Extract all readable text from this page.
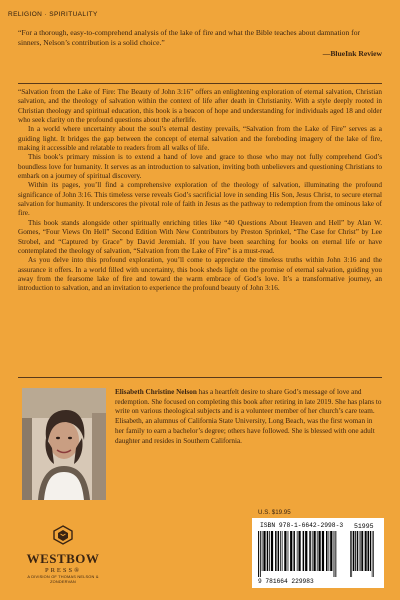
RELIGION · SPIRITUALITY
“For a thorough, easy-to-comprehend analysis of the lake of fire and what the Bible teaches about damnation for sinners, Nelson’s contribution is a solid choice.”
—BlueInk Review

“Salvation from the Lake of Fire: The Beauty of John 3:16” offers an enlightening exploration of eternal salvation, Christian salvation, and the theology of salvation within the context of life after death in Christianity. With a style deeply rooted in Christian theology and spiritual education, this book is a beacon of hope and understanding for individuals aged 18 and older who seek clarity on the profound questions about the afterlife.

In a world where uncertainty about the soul’s eternal destiny prevails, “Salvation from the Lake of Fire” serves as a guiding light. It bridges the gap between the concept of eternal salvation and the foreboding imagery of the lake of fire, making it accessible and relatable to readers from all walks of life.

This book’s primary mission is to extend a hand of love and grace to those who may not fully comprehend God’s boundless love for humanity. It serves as an introduction to salvation, inviting both unbelievers and questioning Christians to embark on a journey of spiritual discovery.

Within its pages, you’ll find a comprehensive exploration of the theology of salvation, illuminating the profound significance of John 3:16. This timeless verse reveals God’s sacrificial love in sending His Son, Jesus Christ, to secure eternal salvation for humanity. It underscores the pivotal role of faith in Jesus as the pathway to redemption from the ominous lake of fire.

This book stands alongside other spiritually enriching titles like “40 Questions About Heaven and Hell” by Alan W. Gomes, “Four Views On Hell” Second Edition With New Contributors by Preston Sprinkel, “The Case for Christ” by Lee Strobel, and “Captured by Grace” by David Jeremiah. If you have been searching for books on eternal life or have contemplated the theology of salvation, “Salvation from the Lake of Fire” is a must-read.

As you delve into this profound exploration, you’ll come to appreciate the timeless truths within John 3:16 and the assurance it offers. In a world filled with uncertainty, this book sheds light on the promise of eternal salvation, guiding you away from the fearsome lake of fire and toward the warm embrace of God’s love. It’s a transformative journey, an introduction to salvation, and an invitation to experience the profound beauty of John 3:16.

Elisabeth Christine Nelson has a heartfelt desire to share God’s message of love and redemption. She focused on completing this book after retiring in late 2019. She has plans to write on various theological subjects and is a volunteer member of her church’s care team. Elisabeth, an alumnus of California State University, Long Beach, was the first woman in her family to earn a bachelor’s degree; others have followed. She is blessed with one adult daughter and resides in Southern California.
U.S. $19.95
ISBN 978-1-6642-2998-3 51995
9 781664 229983
WESTBOW
PRESS®
A DIVISION OF THOMAS NELSON & ZONDERVAN
